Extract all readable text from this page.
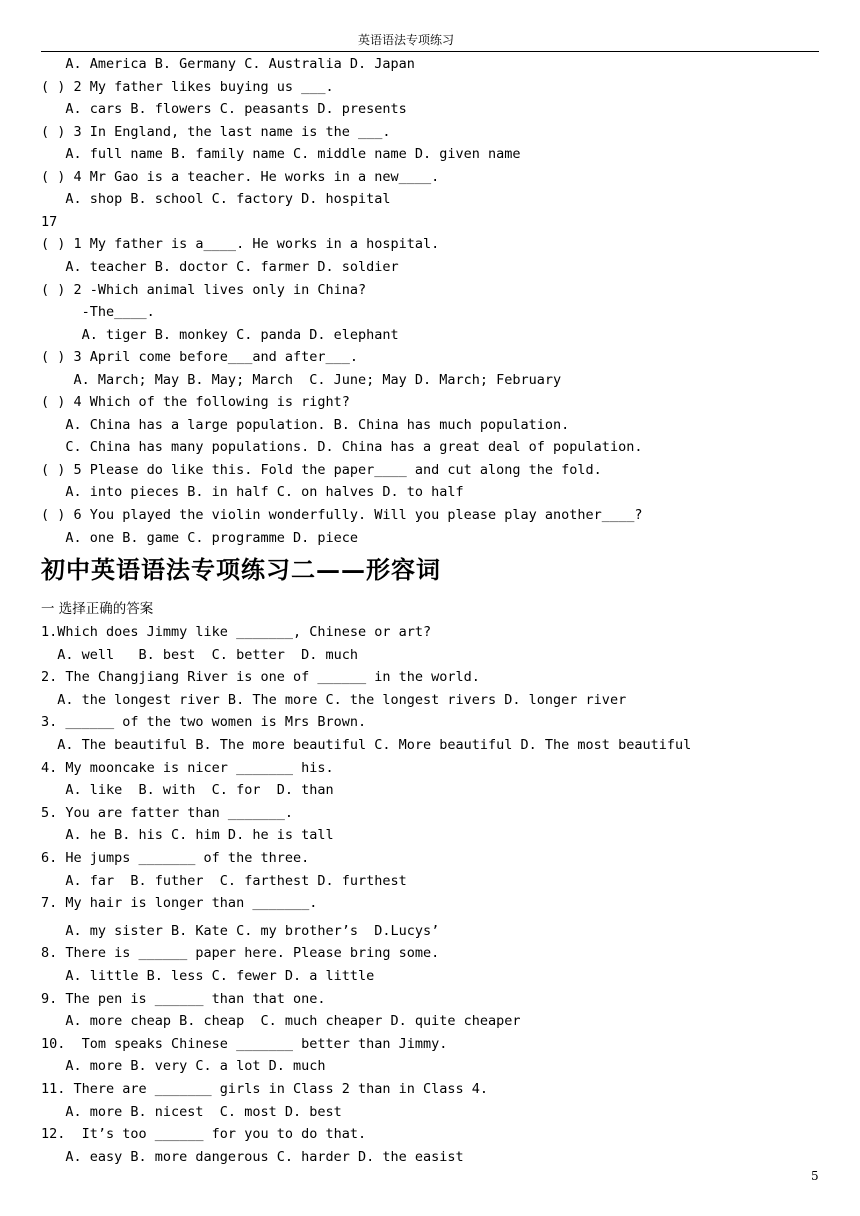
英语语法专项练习
A. America B. Germany C. Australia D. Japan
( ) 2 My father likes buying us ___.
A. cars B. flowers C. peasants D. presents
( ) 3 In England, the last name is the ___.
A. full name B. family name C. middle name D. given name
( ) 4 Mr Gao is a teacher. He works in a new____.
A. shop B. school C. factory D. hospital
17
( ) 1 My father is a____. He works in a hospital.
A. teacher B. doctor C. farmer D. soldier
( ) 2 -Which animal lives only in China?
-The____.
A. tiger B. monkey C. panda D. elephant
( ) 3 April come before___and after___.
A. March; May B. May; March  C. June; May D. March; February
( ) 4 Which of the following is right?
A. China has a large population. B. China has much population.
C. China has many populations. D. China has a great deal of population.
( ) 5 Please do like this. Fold the paper____ and cut along the fold.
A. into pieces B. in half C. on halves D. to half
( ) 6 You played the violin wonderfully. Will you please play another____?
A. one B. game C. programme D. piece
初中英语语法专项练习二——形容词
一 选择正确的答案
1.Which does Jimmy like _______, Chinese or art?
A. well   B. best  C. better  D. much
2. The Changjiang River is one of ______ in the world.
A. the longest river B. The more C. the longest rivers D. longer river
3. ______ of the two women is Mrs Brown.
A. The beautiful B. The more beautiful C. More beautiful D. The most beautiful
4. My mooncake is nicer _______ his.
A. like  B. with  C. for  D. than
5. You are fatter than _______.
A. he B. his C. him D. he is tall
6. He jumps _______ of the three.
A. far  B. futher  C. farthest D. furthest
7. My hair is longer than _______.
A. my sister B. Kate C. my brother’s  D.Lucys’
8. There is ______ paper here. Please bring some.
A. little B. less C. fewer D. a little
9. The pen is ______ than that one.
A. more cheap B. cheap  C. much cheaper D. quite cheaper
10.  Tom speaks Chinese _______ better than Jimmy.
A. more B. very C. a lot D. much
11. There are _______ girls in Class 2 than in Class 4.
A. more B. nicest  C. most D. best
12.  It’s too ______ for you to do that.
A. easy B. more dangerous C. harder D. the easist
5
